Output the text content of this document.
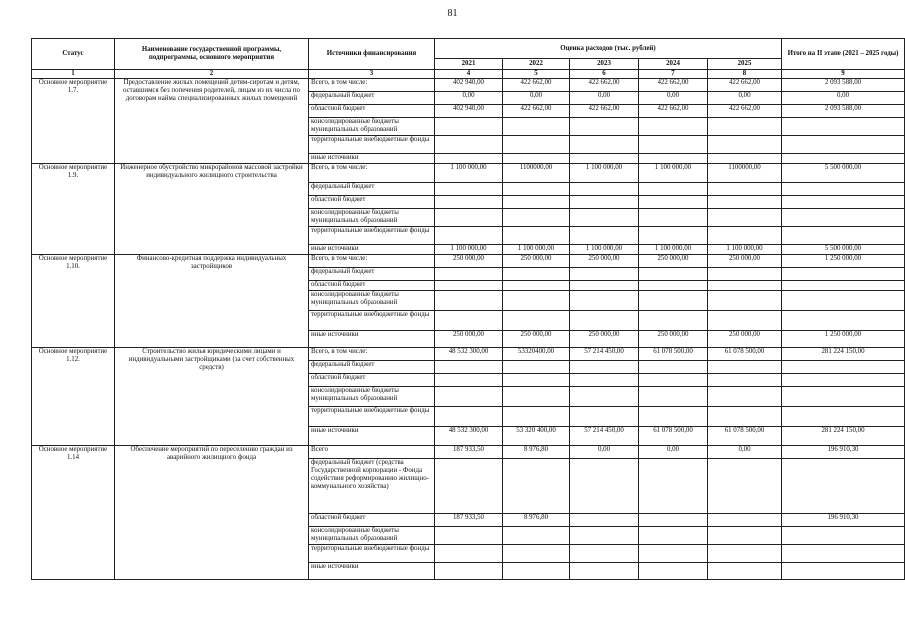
81
Статус	Наименование государственной программы, подпрограммы, основного мероприятия	Источники финансирования	Оценка расходов (тыс. рублей)					Итого на II этапе (2021 – 2025 годы)
			2021	2022	2023	2024	2025	
1	2	3	4	5	6	7	8	9
Основное мероприятие 1.7.	Предоставление жилых помещений детям-сиротам и детям, оставшимся без попечения родителей, лицам из их числа по договорам найма специализированных жилых помещений	Всего, в том числе:	402 940,00	422 662,00	422 662,00	422 662,00	422 662,00	2 093 588,00
		федеральный бюджет	0,00	0,00	0,00	0,00	0,00	0,00
		областной бюджет	402 940,00	422 662,00	422 662,00	422 662,00	422 662,00	2 093 588,00
		консолидированные бюджеты муниципальных образований						
		территориальные внебюджетные фонды						
		иные источники						
Основное мероприятие 1.9.	Инженерное обустройство микрорайонов массовой застройки индивидуального жилищного строительства	Всего, в том числе:	1 100 000,00	1100000,00	1 100 000,00	1 100 000,00	1100000,00	5 500 000,00
		федеральный бюджет						
		областной бюджет						
		консолидированные бюджеты муниципальных образований						
		территориальные внебюджетные фонды						
		иные источники	1 100 000,00	1 100 000,00	1 100 000,00	1 100 000,00	1 100 000,00	5 500 000,00
Основное мероприятие 1.10.	Финансово-кредитная поддержка индивидуальных застройщиков	Всего, в том числе:	250 000,00	250 000,00	250 000,00	250 000,00	250 000,00	1 250 000,00
		федеральный бюджет						
		областной бюджет						
		консолидированные бюджеты муниципальных образований						
		территориальные внебюджетные фонды						
		иные источники	250 000,00	250 000,00	250 000,00	250 000,00	250 000,00	1 250 000,00
Основное мероприятие 1.12.	Строительство жилья юридическими лицами и индивидуальными застройщиками (за счет собственных средств)	Всего, в том числе:	48 532 300,00	53320400,00	57 214 450,00	61 078 500,00	61 078 500,00	281 224 150,00
		федеральный бюджет						
		областной бюджет						
		консолидированные бюджеты муниципальных образований						
		территориальные внебюджетные фонды						
		иные источники	48 532 300,00	53 320 400,00	57 214 450,00	61 078 500,00	61 078 500,00	281 224 150,00
Основное мероприятие 1.14	Обеспечение мероприятий по переселению граждан из аварийного жилищного фонда	Всего	187 933,50	8 976,80	0,00	0,00	0,00	196 910,30
		федеральный бюджет (средства Государственной корпорации - Фонда содействия реформированию жилищно-коммунального хозяйства)						
		областной бюджет	187 933,50	8 976,80				196 910,30
		консолидированные бюджеты муниципальных образований						
		территориальные внебюджетные фонды						
		иные источники						
